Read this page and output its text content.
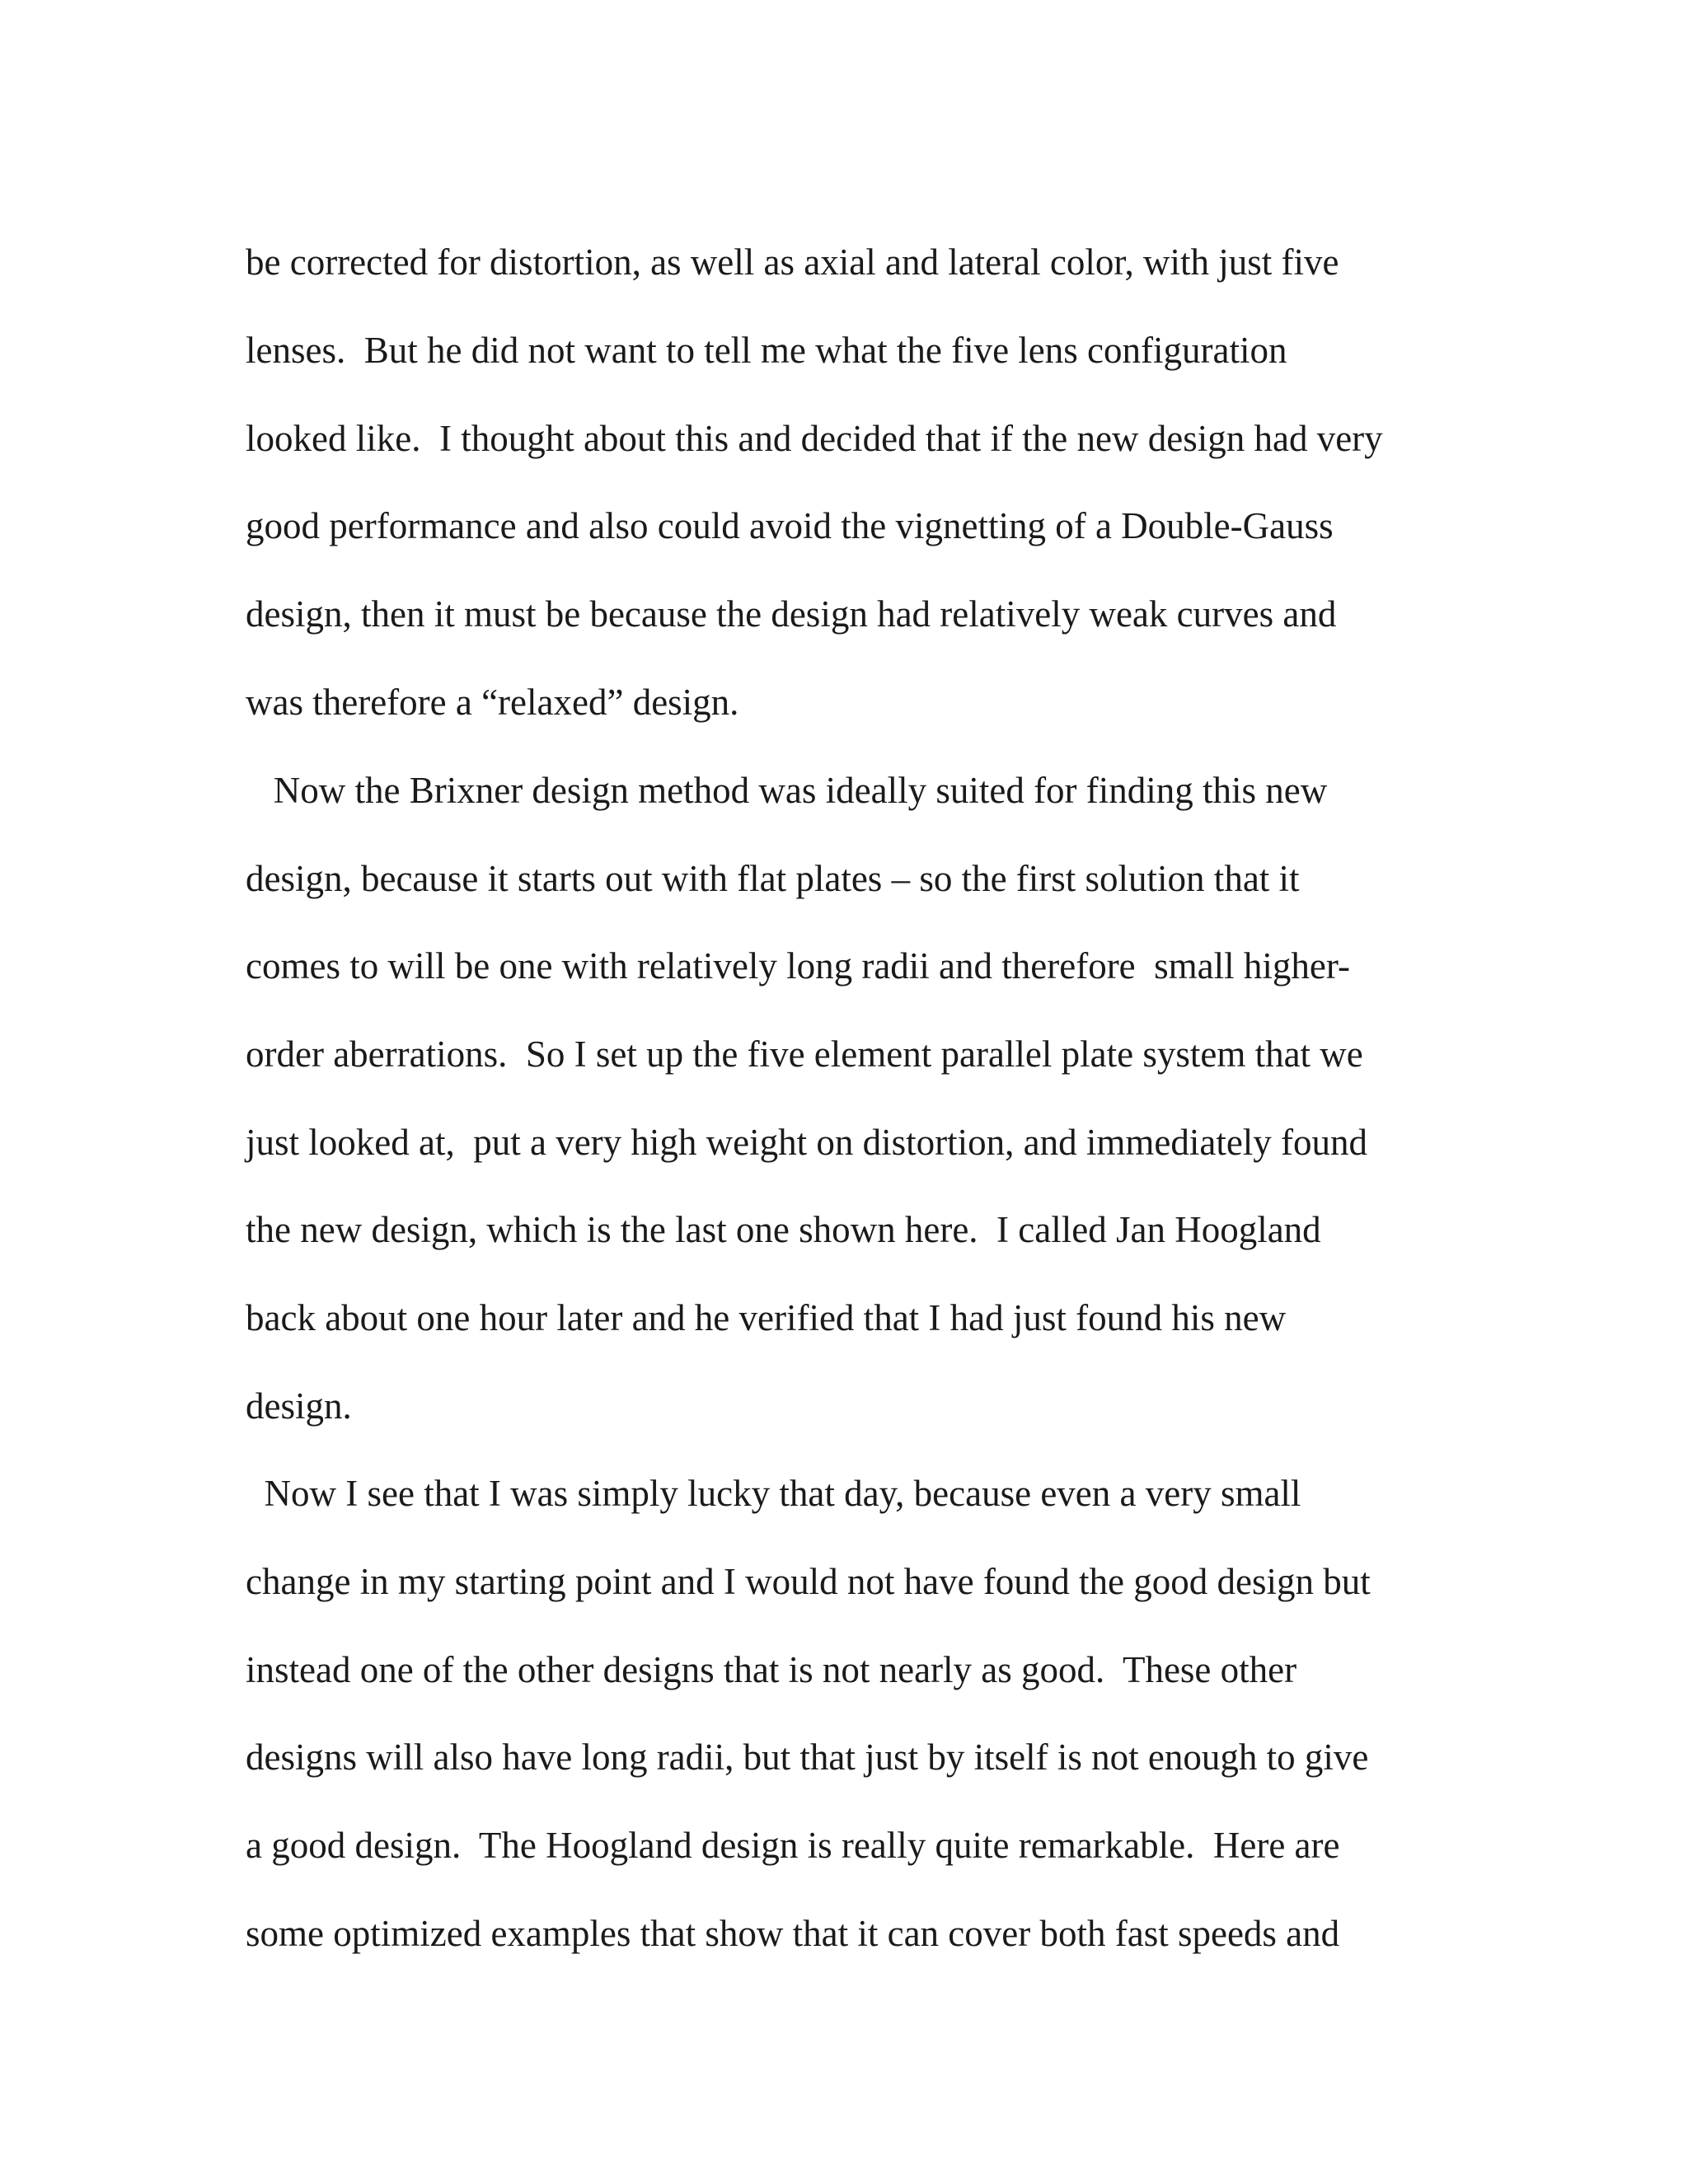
be corrected for distortion, as well as axial and lateral color, with just five

lenses.  But he did not want to tell me what the five lens configuration

looked like.  I thought about this and decided that if the new design had very

good performance and also could avoid the vignetting of a Double-Gauss

design, then it must be because the design had relatively weak curves and

was therefore a “relaxed” design.

Now the Brixner design method was ideally suited for finding this new

design, because it starts out with flat plates – so the first solution that it

comes to will be one with relatively long radii and therefore  small higher-

order aberrations.  So I set up the five element parallel plate system that we

just looked at,  put a very high weight on distortion, and immediately found

the new design, which is the last one shown here.  I called Jan Hoogland

back about one hour later and he verified that I had just found his new

design.

Now I see that I was simply lucky that day, because even a very small

change in my starting point and I would not have found the good design but

instead one of the other designs that is not nearly as good.  These other

designs will also have long radii, but that just by itself is not enough to give

a good design.  The Hoogland design is really quite remarkable.  Here are

some optimized examples that show that it can cover both fast speeds and
